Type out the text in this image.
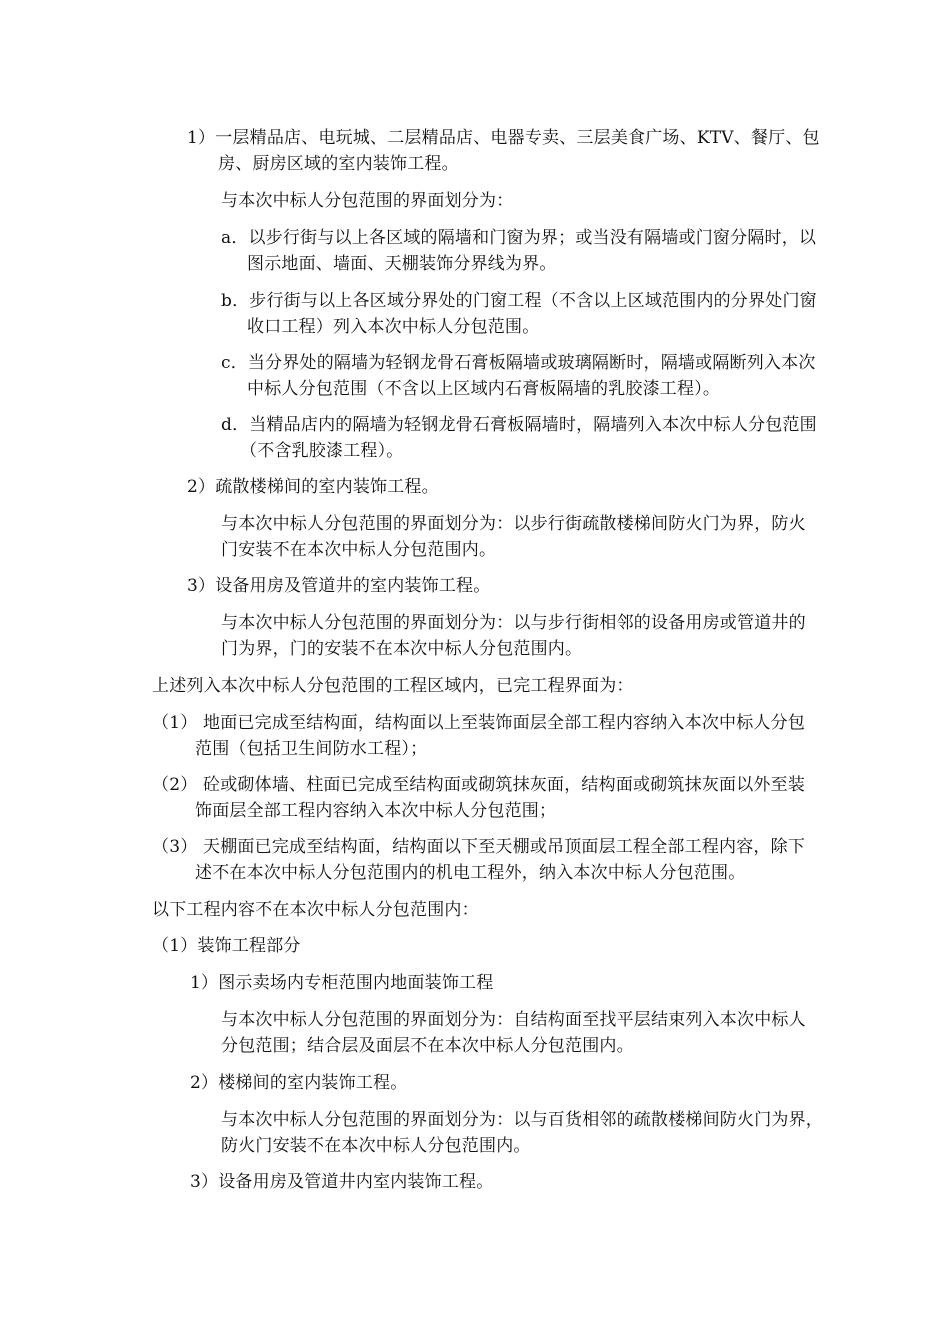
1）一层精品店、电玩城、二层精品店、电器专卖、三层美食广场、KTV、餐厅、包
房、厨房区域的室内装饰工程。
与本次中标人分包范围的界面划分为：
a．以步行街与以上各区域的隔墙和门窗为界；或当没有隔墙或门窗分隔时，以
图示地面、墙面、天棚装饰分界线为界。
b．步行街与以上各区域分界处的门窗工程（不含以上区域范围内的分界处门窗
收口工程）列入本次中标人分包范围。
c．当分界处的隔墙为轻钢龙骨石膏板隔墙或玻璃隔断时，隔墙或隔断列入本次
中标人分包范围（不含以上区域内石膏板隔墙的乳胶漆工程）。
d．当精品店内的隔墙为轻钢龙骨石膏板隔墙时，隔墙列入本次中标人分包范围
（不含乳胶漆工程）。
2）疏散楼梯间的室内装饰工程。
与本次中标人分包范围的界面划分为：以步行街疏散楼梯间防火门为界，防火
门安装不在本次中标人分包范围内。
3）设备用房及管道井的室内装饰工程。
与本次中标人分包范围的界面划分为：以与步行街相邻的设备用房或管道井的
门为界，门的安装不在本次中标人分包范围内。
上述列入本次中标人分包范围的工程区域内，已完工程界面为：
（1） 地面已完成至结构面，结构面以上至装饰面层全部工程内容纳入本次中标人分包
范围（包括卫生间防水工程）；
（2） 砼或砌体墙、柱面已完成至结构面或砌筑抹灰面，结构面或砌筑抹灰面以外至装
饰面层全部工程内容纳入本次中标人分包范围；
（3） 天棚面已完成至结构面，结构面以下至天棚或吊顶面层工程全部工程内容，除下
述不在本次中标人分包范围内的机电工程外，纳入本次中标人分包范围。
以下工程内容不在本次中标人分包范围内：
（1）装饰工程部分
1）图示卖场内专柜范围内地面装饰工程
与本次中标人分包范围的界面划分为：自结构面至找平层结束列入本次中标人
分包范围；结合层及面层不在本次中标人分包范围内。
2）楼梯间的室内装饰工程。
与本次中标人分包范围的界面划分为：以与百货相邻的疏散楼梯间防火门为界，
防火门安装不在本次中标人分包范围内。
3）设备用房及管道井内室内装饰工程。
